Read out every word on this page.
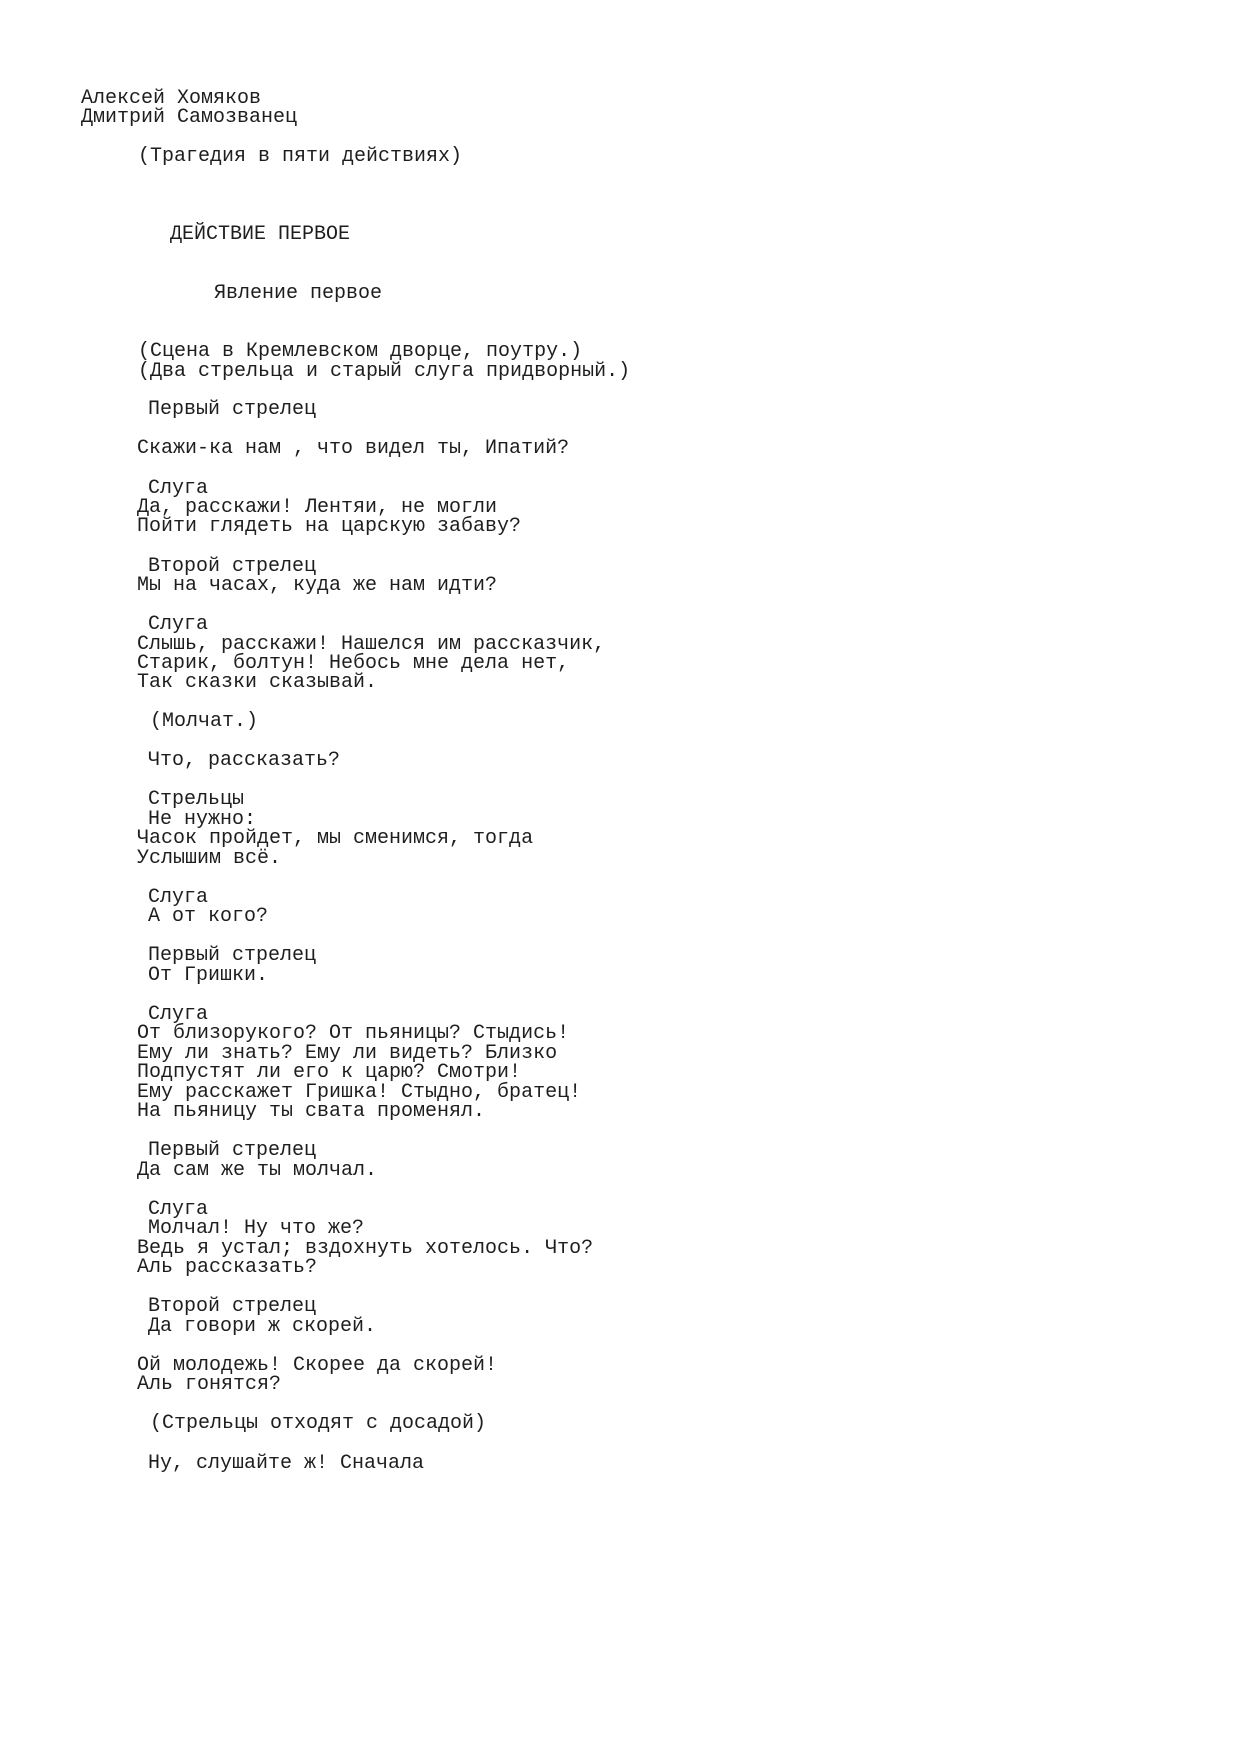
Алексей Хомяков

Дмитрий Самозванец

(Трагедия в пяти действиях)

ДЕЙСТВИЕ ПЕРВОЕ

Явление первое

(Сцена в Кремлевском дворце, поутру.)

(Два стрельца и старый слуга придворный.)

Первый стрелец

Скажи-ка нам , что видел ты, Ипатий?

Слуга

Да, расскажи! Лентяи, не могли

Пойти глядеть на царскую забаву?

Второй стрелец

Мы на часах, куда же нам идти?

Слуга

Слышь, расскажи! Нашелся им рассказчик,

Старик, болтун! Небось мне дела нет,

Так сказки сказывай.

(Молчат.)

Что, рассказать?

Стрельцы

Не нужно:

Часок пройдет, мы сменимся, тогда

Услышим всё.

Слуга

А от кого?

Первый стрелец

От Гришки.

Слуга

От близорукого? От пьяницы? Стыдись!

Ему ли знать? Ему ли видеть? Близко

Подпустят ли его к царю? Смотри!

Ему расскажет Гришка! Стыдно, братец!

На пьяницу ты свата променял.

Первый стрелец

Да сам же ты молчал.

Слуга

Молчал! Ну что же?

Ведь я устал; вздохнуть хотелось. Что?

Аль рассказать?

Второй стрелец

Да говори ж скорей.

Ой молодежь! Скорее да скорей!

Аль гонятся?

(Стрельцы отходят с досадой)

Ну, слушайте ж! Сначала
